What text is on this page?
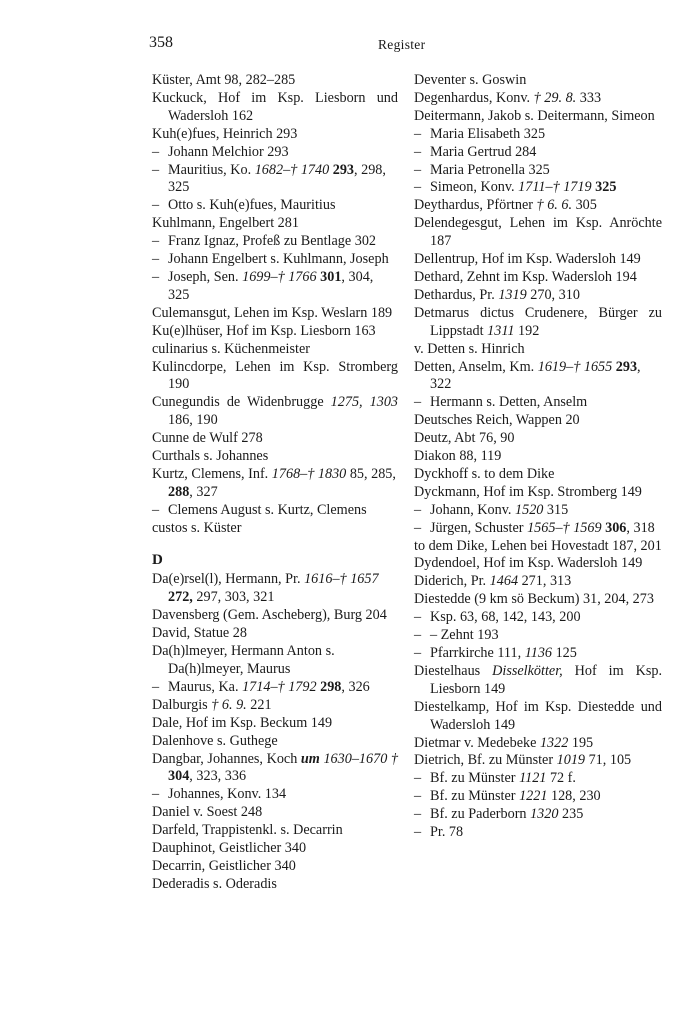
358	Register
Küster, Amt 98, 282–285
Kuckuck, Hof im Ksp. Liesborn und Wadersloh 162
Kuh(e)fues, Heinrich 293
– Johann Melchior 293
– Mauritius, Ko. 1682–† 1740 293, 298, 325
– Otto s. Kuh(e)fues, Mauritius
Kuhlmann, Engelbert 281
– Franz Ignaz, Profeß zu Bentlage 302
– Johann Engelbert s. Kuhlmann, Joseph
– Joseph, Sen. 1699–† 1766 301, 304, 325
Culemansgut, Lehen im Ksp. Weslarn 189
Ku(e)lhüser, Hof im Ksp. Liesborn 163
culinarius s. Küchenmeister
Kulincdorpe, Lehen im Ksp. Stromberg 190
Cunegundis de Widenbrugge 1275, 1303 186, 190
Cunne de Wulf 278
Curthals s. Johannes
Kurtz, Clemens, Inf. 1768–† 1830 85, 285, 288, 327
– Clemens August s. Kurtz, Clemens
custos s. Küster
D
Da(e)rsel(l), Hermann, Pr. 1616–† 1657 272, 297, 303, 321
Davensberg (Gem. Ascheberg), Burg 204
David, Statue 28
Da(h)lmeyer, Hermann Anton s. Da(h)lmeyer, Maurus
– Maurus, Ka. 1714–† 1792 298, 326
Dalburgis † 6. 9. 221
Dale, Hof im Ksp. Beckum 149
Dalenhove s. Guthege
Dangbar, Johannes, Koch um 1630–1670 † 304, 323, 336
– Johannes, Konv. 134
Daniel v. Soest 248
Darfeld, Trappistenkl. s. Decarrin
Dauphinot, Geistlicher 340
Decarrin, Geistlicher 340
Dederadis s. Oderadis
Deventer s. Goswin
Degenhardus, Konv. † 29. 8. 333
Deitermann, Jakob s. Deitermann, Simeon
– Maria Elisabeth 325
– Maria Gertrud 284
– Maria Petronella 325
– Simeon, Konv. 1711–† 1719 325
Deythardus, Pförtner † 6. 6. 305
Delendegesgut, Lehen im Ksp. Anröchte 187
Dellentrup, Hof im Ksp. Wadersloh 149
Dethard, Zehnt im Ksp. Wadersloh 194
Dethardus, Pr. 1319 270, 310
Detmarus dictus Crudenere, Bürger zu Lippstadt 1311 192
v. Detten s. Hinrich
Detten, Anselm, Km. 1619–† 1655 293, 322
– Hermann s. Detten, Anselm
Deutsches Reich, Wappen 20
Deutz, Abt 76, 90
Diakon 88, 119
Dyckhoff s. to dem Dike
Dyckmann, Hof im Ksp. Stromberg 149
– Johann, Konv. 1520 315
– Jürgen, Schuster 1565–† 1569 306, 318
to dem Dike, Lehen bei Hovestadt 187, 201
Dydendoel, Hof im Ksp. Wadersloh 149
Diderich, Pr. 1464 271, 313
Diestedde (9 km sö Beckum) 31, 204, 273
– Ksp. 63, 68, 142, 143, 200
– – Zehnt 193
– Pfarrkirche 111, 1136 125
Diestelhaus Disselkötter, Hof im Ksp. Liesborn 149
Diestelkamp, Hof im Ksp. Diestedde und Wadersloh 149
Dietmar v. Medebeke 1322 195
Dietrich, Bf. zu Münster 1019 71, 105
– Bf. zu Münster 1121 72 f.
– Bf. zu Münster 1221 128, 230
– Bf. zu Paderborn 1320 235
– Pr. 78
